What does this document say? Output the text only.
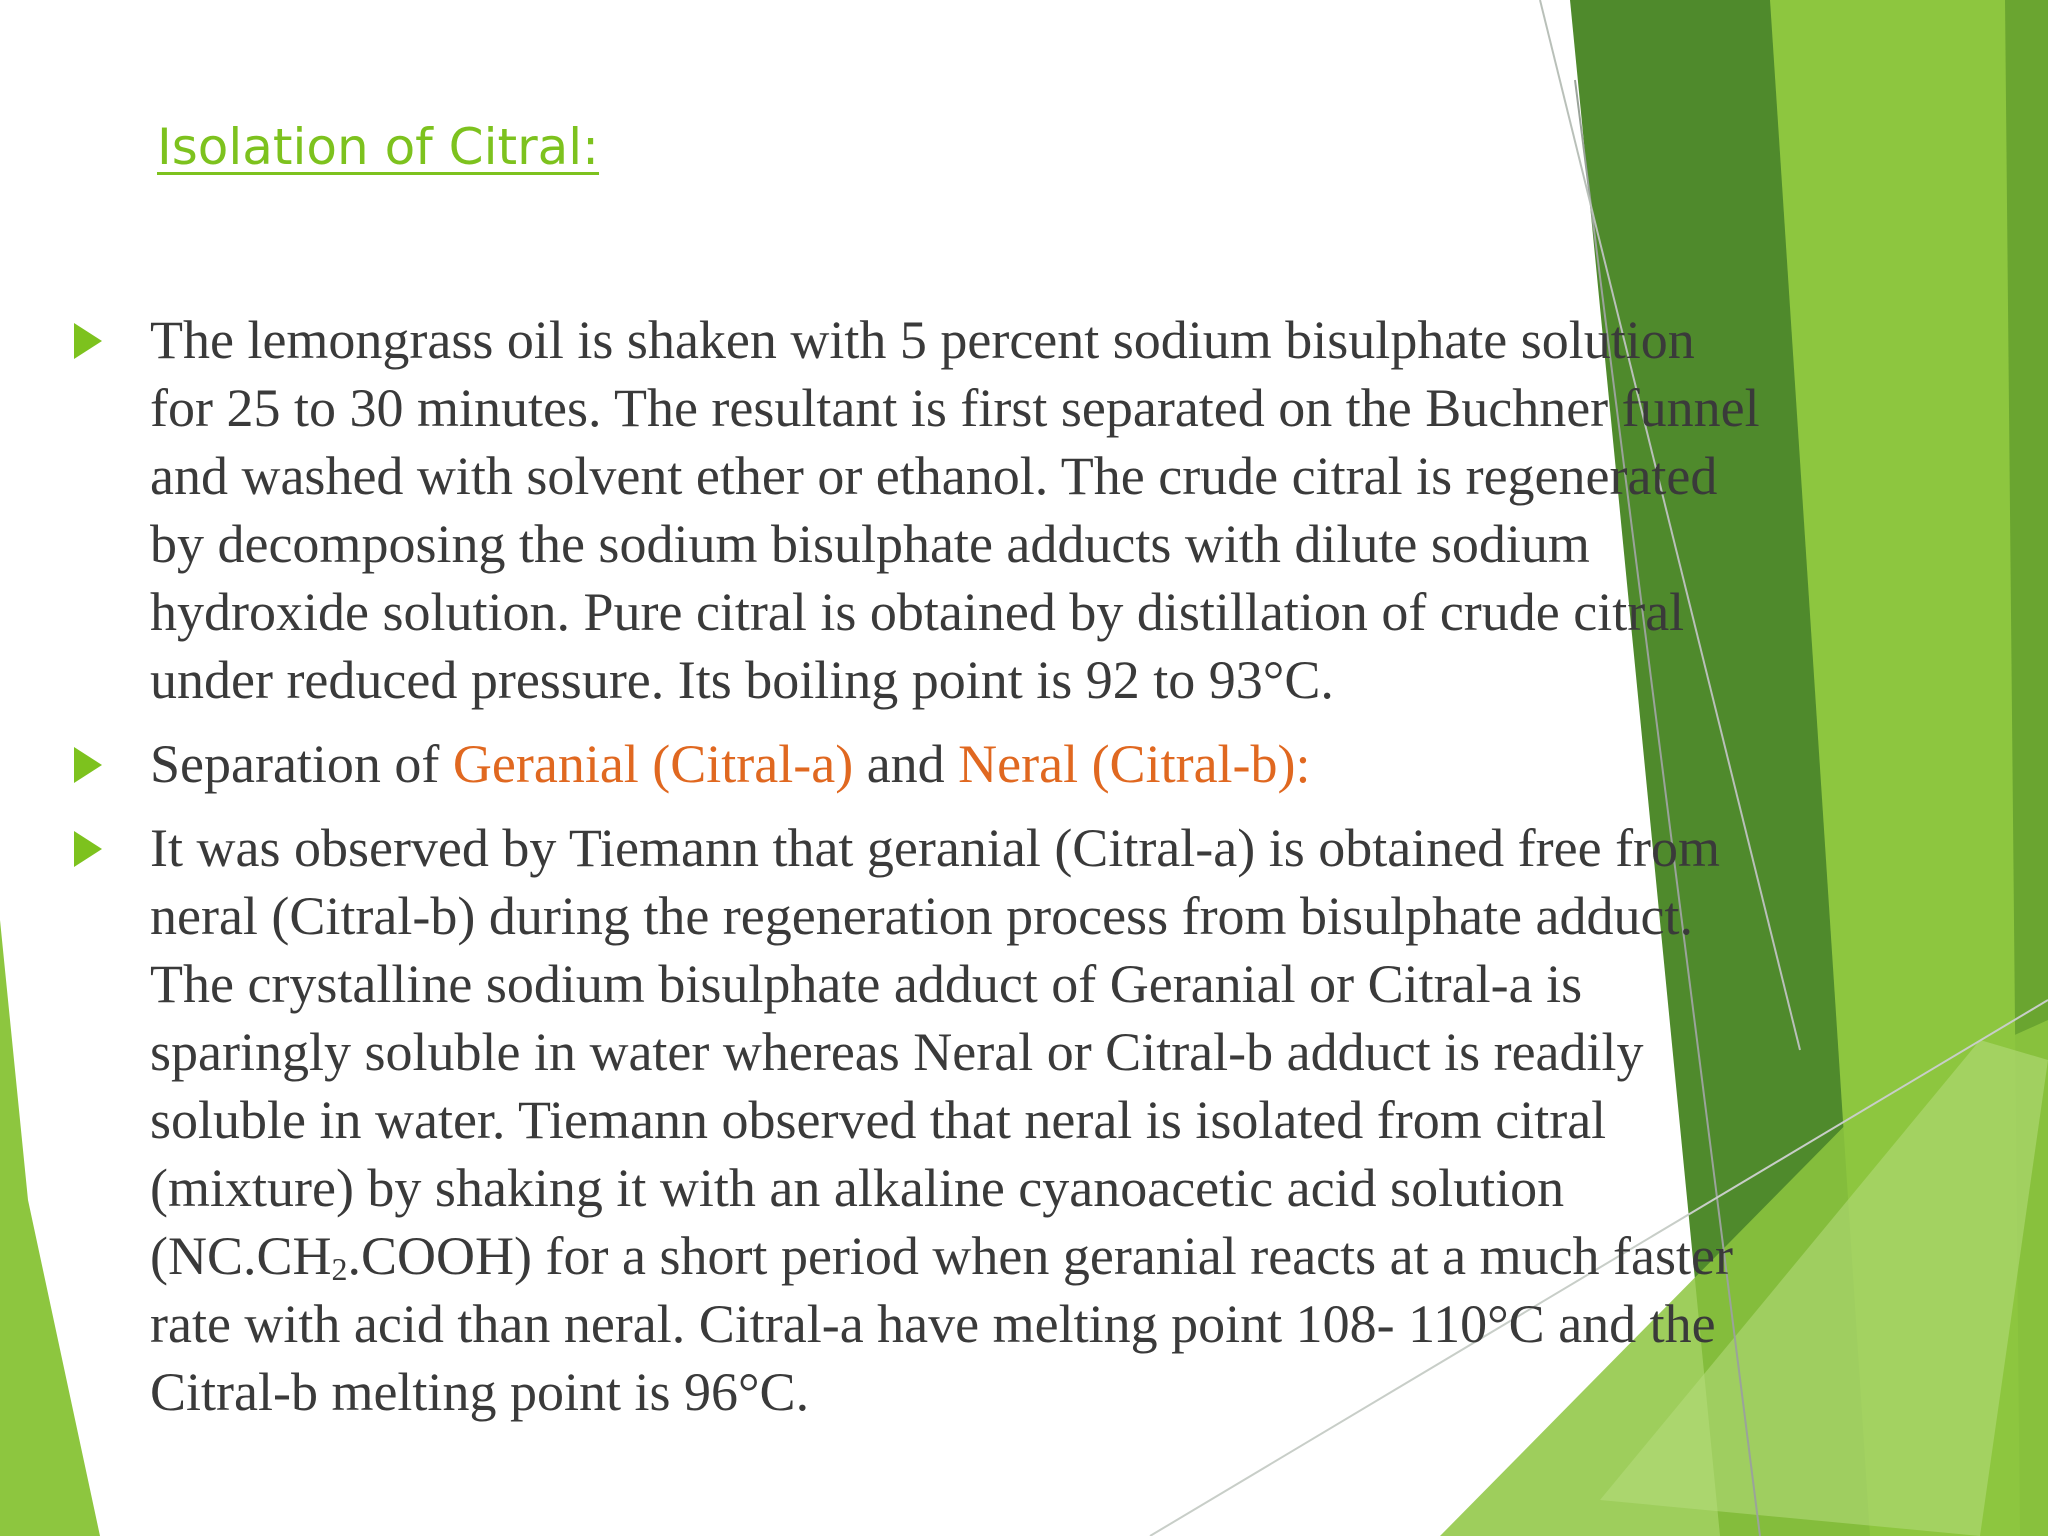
Isolation of Citral:
The lemongrass oil is shaken with 5 percent sodium bisulphate solution
for 25 to 30 minutes. The resultant is first separated on the Buchner funnel
and washed with solvent ether or ethanol. The crude citral is regenerated
by decomposing the sodium bisulphate adducts with dilute sodium
hydroxide solution. Pure citral is obtained by distillation of crude citral
under reduced pressure. Its boiling point is 92 to 93°C.
Separation of Geranial (Citral-a) and Neral (Citral-b):
It was observed by Tiemann that geranial (Citral-a) is obtained free from
neral (Citral-b) during the regeneration process from bisulphate adduct.
The crystalline sodium bisulphate adduct of Geranial or Citral-a is
sparingly soluble in water whereas Neral or Citral-b adduct is readily
soluble in water. Tiemann observed that neral is isolated from citral
(mixture) by shaking it with an alkaline cyanoacetic acid solution
$(NC.CH_2.COOH)$ for a short period when geranial reacts at a much faster
rate with acid than neral. Citral-a have melting point 108- 110°C and the
Citral-b melting point is 96°C.
